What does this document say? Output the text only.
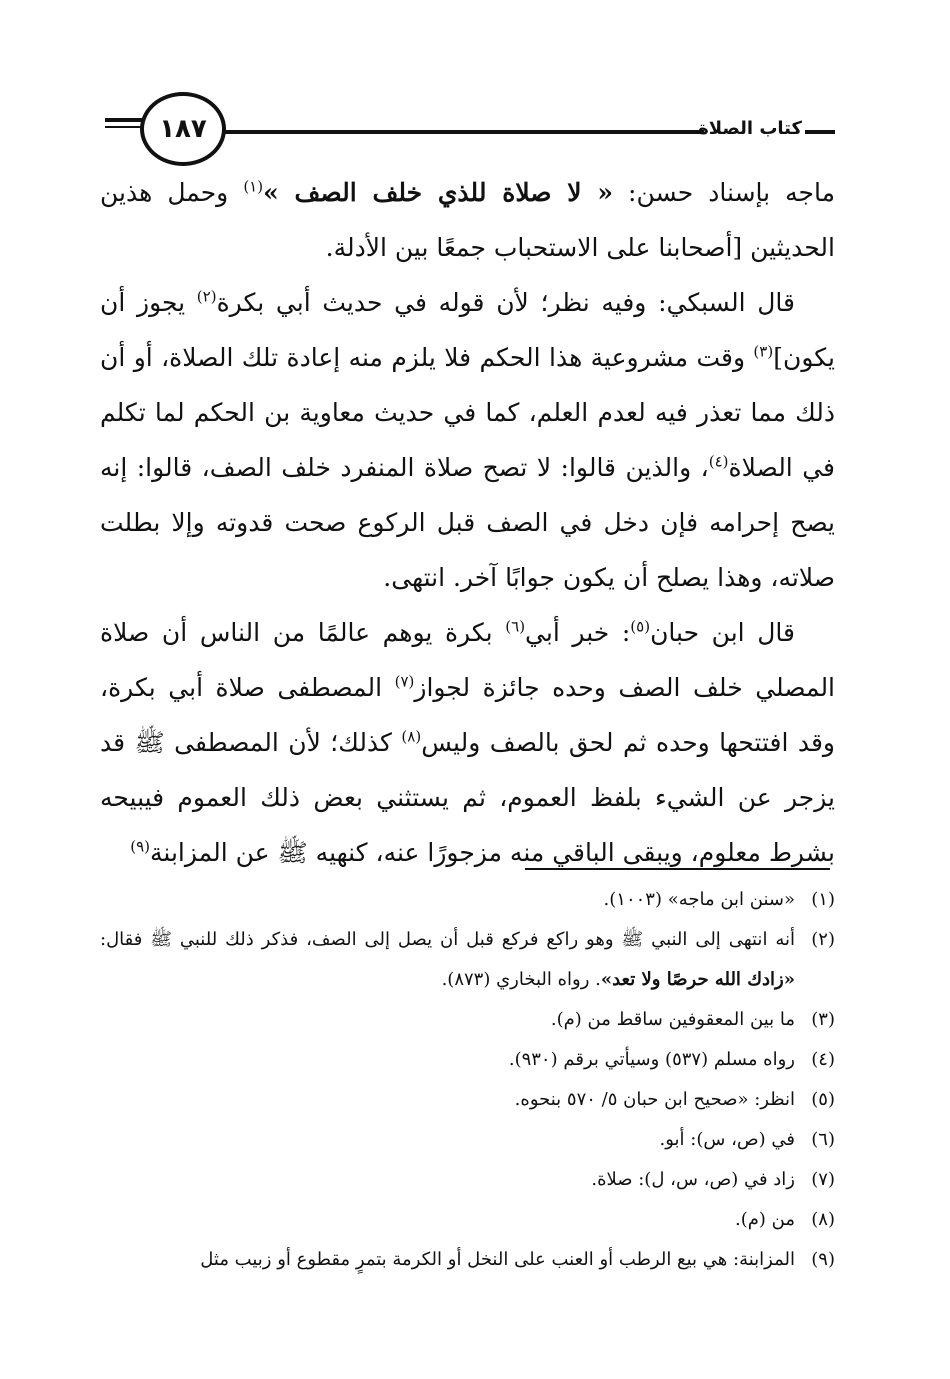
١٨٧	كتاب الصلاة

ماجه بإسناد حسن: « لا صلاة للذي خلف الصف »$^{(١)}$ وحمل هذين الحديثين [أصحابنا على الاستحباب جمعًا بين الأدلة.

قال السبكي: وفيه نظر؛ لأن قوله في حديث أبي بكرة$^{(٢)}$ يجوز أن يكون]$^{(٣)}$ وقت مشروعية هذا الحكم فلا يلزم منه إعادة تلك الصلاة، أو أن ذلك مما تعذر فيه لعدم العلم، كما في حديث معاوية بن الحكم لما تكلم في الصلاة$^{(٤)}$، والذين قالوا: لا تصح صلاة المنفرد خلف الصف، قالوا: إنه يصح إحرامه فإن دخل في الصف قبل الركوع صحت قدوته وإلا بطلت صلاته، وهذا يصلح أن يكون جوابًا آخر. انتهى.

قال ابن حبان$^{(٥)}$: خبر أبي$^{(٦)}$ بكرة يوهم عالمًا من الناس أن صلاة المصلي خلف الصف وحده جائزة لجواز$^{(٧)}$ المصطفى صلاة أبي بكرة، وقد افتتحها وحده ثم لحق بالصف وليس$^{(٨)}$ كذلك؛ لأن المصطفى ﷺ قد يزجر عن الشيء بلفظ العموم، ثم يستثني بعض ذلك العموم فيبيحه بشرط معلوم، ويبقى الباقي منه مزجورًا عنه، كنهيه ﷺ عن المزابنة$^{(٩)}$

(١)
«سنن ابن ماجه» (١٠٠٣).
(٢)
أنه انتهى إلى النبي ﷺ وهو راكع فركع قبل أن يصل إلى الصف، فذكر ذلك للنبي ﷺ فقال: «زادك الله حرصًا ولا تعد». رواه البخاري (٨٧٣).
(٣)
ما بين المعقوفين ساقط من (م).
(٤)
رواه مسلم (٥٣٧) وسيأتي برقم (٩٣٠).
(٥)
انظر: «صحيح ابن حبان ٥/ ٥٧٠ بنحوه.
(٦)
في (ص، س): أبو.
(٧)
زاد في (ص، س، ل): صلاة.
(٨)
من (م).
(٩)
المزابنة: هي بيع الرطب أو العنب على النخل أو الكرمة بتمرٍ مقطوع أو زبيب مثل
